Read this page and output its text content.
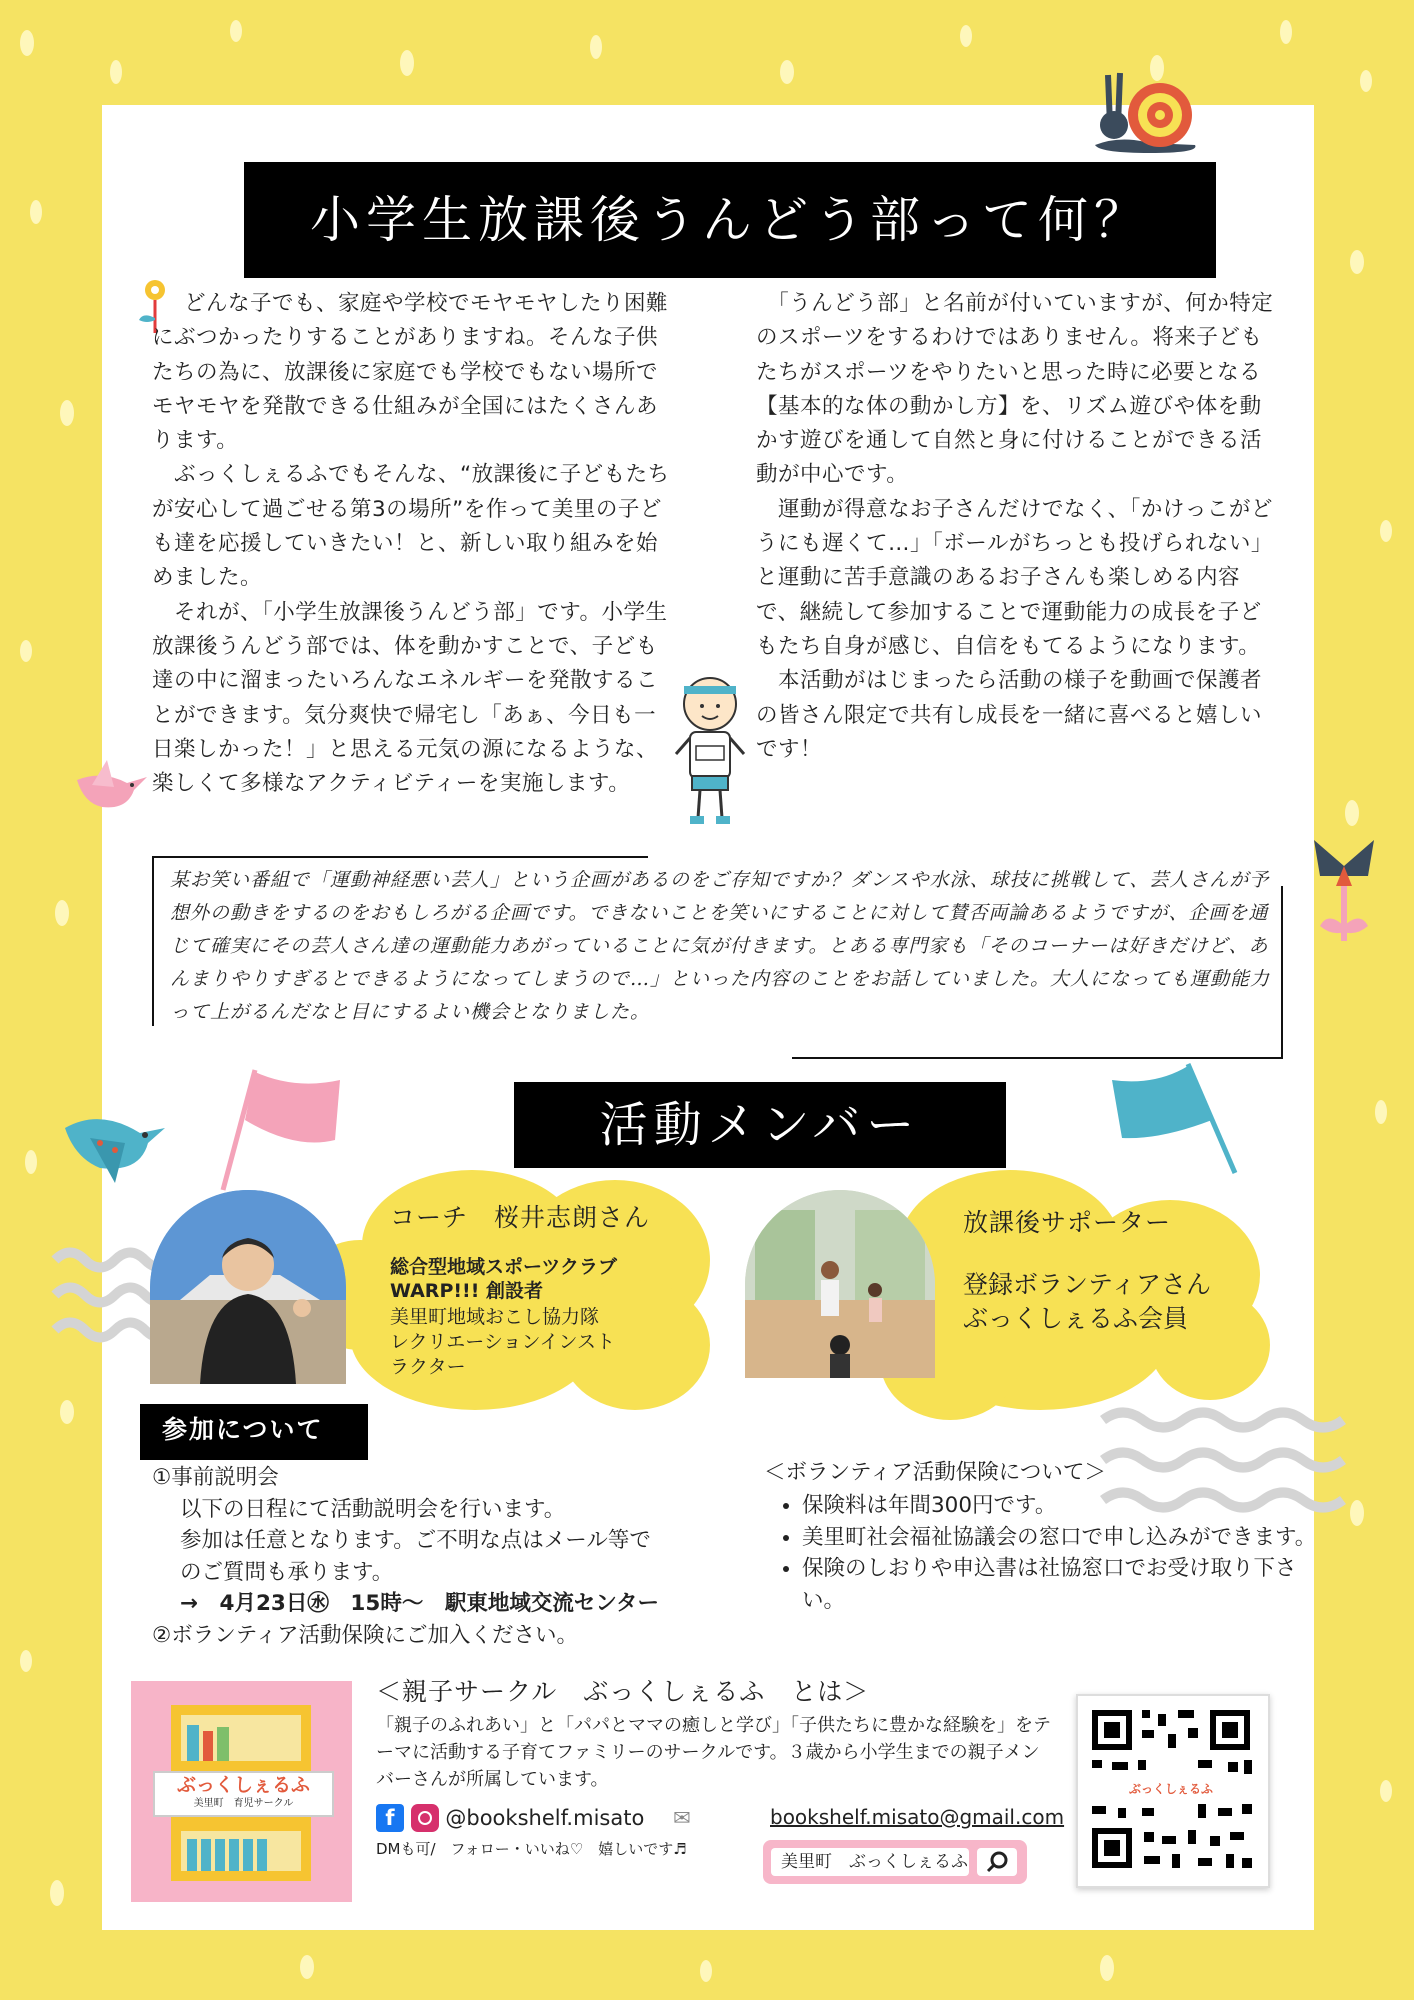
小学生放課後うんどう部って何？

どんな子でも、家庭や学校でモヤモヤしたり困難にぶつかったりすることがありますね。そんな子供たちの為に、放課後に家庭でも学校でもない場所でモヤモヤを発散できる仕組みが全国にはたくさんあります。

　ぶっくしぇるふでもそんな、“放課後に子どもたちが安心して過ごせる第3の場所”を作って美里の子ども達を応援していきたい！と、新しい取り組みを始めました。

　それが、「小学生放課後うんどう部」です。小学生放課後うんどう部では、体を動かすことで、子ども達の中に溜まったいろんなエネルギーを発散することができます。気分爽快で帰宅し「あぁ、今日も一日楽しかった！」と思える元気の源になるような、楽しくて多様なアクティビティーを実施します。

　「うんどう部」と名前が付いていますが、何か特定のスポーツをするわけではありません。将来子どもたちがスポーツをやりたいと思った時に必要となる【基本的な体の動かし方】を、リズム遊びや体を動かす遊びを通して自然と身に付けることができる活動が中心です。

　運動が得意なお子さんだけでなく、「かけっこがどうにも遅くて…」「ボールがちっとも投げられない」と運動に苦手意識のあるお子さんも楽しめる内容で、継続して参加することで運動能力の成長を子どもたち自身が感じ、自信をもてるようになります。

　本活動がはじまったら活動の様子を動画で保護者の皆さん限定で共有し成長を一緒に喜べると嬉しいです！

某お笑い番組で「運動神経悪い芸人」という企画があるのをご存知ですか？ダンスや水泳、球技に挑戦して、芸人さんが予想外の動きをするのをおもしろがる企画です。できないことを笑いにすることに対して賛否両論あるようですが、企画を通じて確実にその芸人さん達の運動能力あがっていることに気が付きます。とある専門家も「そのコーナーは好きだけど、あんまりやりすぎるとできるようになってしまうので…」といった内容のことをお話していました。大人になっても運動能力って上がるんだなと目にするよい機会となりました。
活動メンバー
コーチ　桜井志朗さん
総合型地域スポーツクラブ
WARP!!! 創設者
美里町地域おこし協力隊
レクリエーションインスト
ラクター
放課後サポーター
登録ボランティアさん
ぶっくしぇるふ会員
参加について
①事前説明会
以下の日程にて活動説明会を行います。
参加は任意となります。ご不明な点はメール等で
のご質問も承ります。
→　4月23日㊌　15時～　駅東地域交流センター
②ボランティア活動保険にご加入ください。
＜ボランティア活動保険について＞
• 保険料は年間300円です。
• 美里町社会福祉協議会の窓口で申し込みができます。
• 保険のしおりや申込書は社協窓口でお受け取り下さい。
ぶっくしぇるふ
美里町　育児サークル
＜親子サークル　ぶっくしぇるふ　とは＞
「親子のふれあい」と「パパとママの癒しと学び」「子供たちに豊かな経験を」をテーマに活動する子育てファミリーのサークルです。３歳から小学生までの親子メンバーさんが所属しています。
f @bookshelf.misato ✉
DMも可/　フォロー・いいね♡　嬉しいです♬
bookshelf.misato@gmail.com
美里町　ぶっくしぇるふ
ぶっくしぇるふ
